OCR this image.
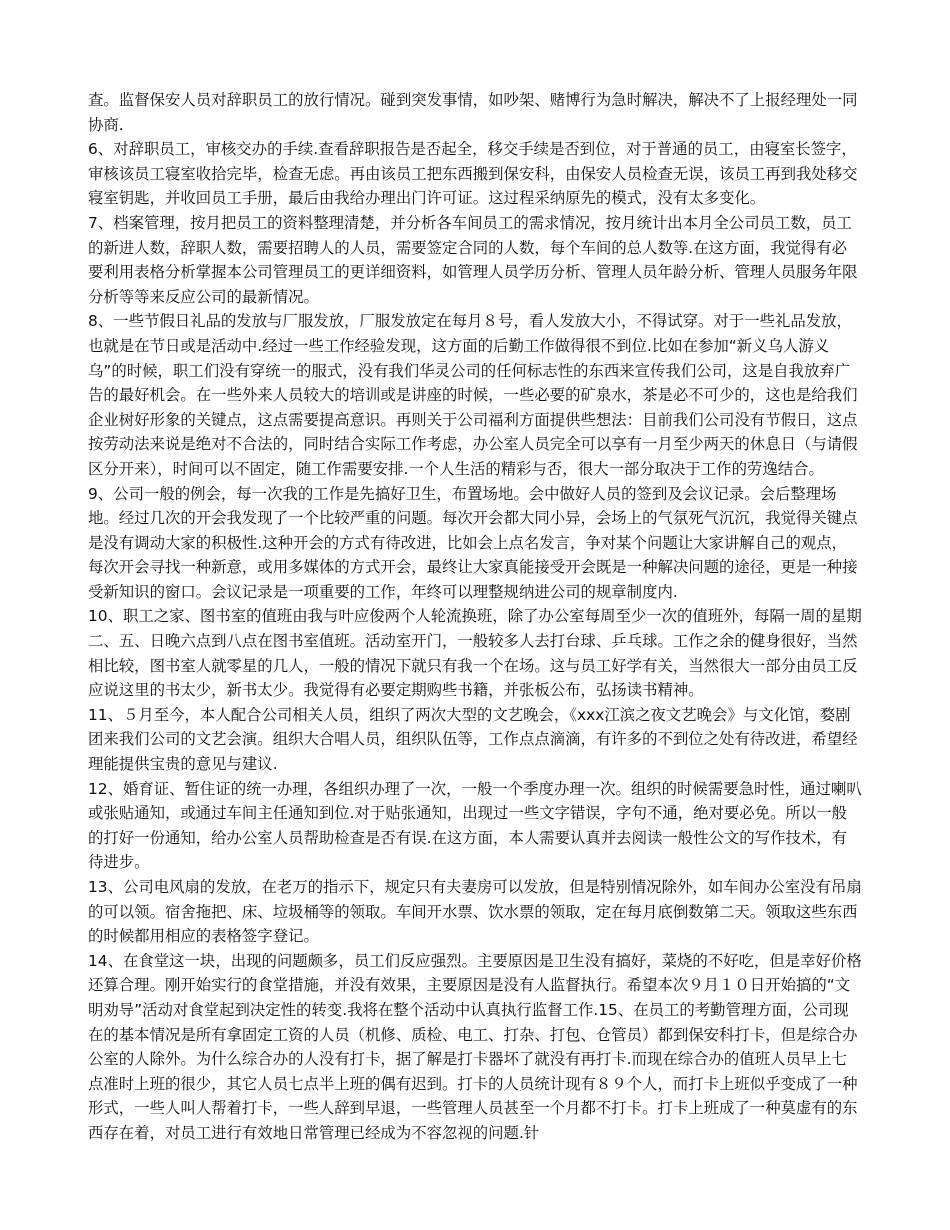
查。监督保安人员对辞职员工的放行情况。碰到突发事情，如吵架、赌博行为急时解决，解决不了上报经理处一同协商.

6、对辞职员工，审核交办的手续.查看辞职报告是否起全，移交手续是否到位，对于普通的员工，由寝室长签字，审核该员工寝室收拾完毕，检查无虑。再由该员工把东西搬到保安科，由保安人员检查无误，该员工再到我处移交寝室钥匙，并收回员工手册，最后由我给办理出门许可证。这过程采纳原先的模式，没有太多变化。

7、档案管理，按月把员工的资料整理清楚，并分析各车间员工的需求情况，按月统计出本月全公司员工数，员工的新进人数，辞职人数，需要招聘人的人员，需要签定合同的人数，每个车间的总人数等.在这方面，我觉得有必要利用表格分析掌握本公司管理员工的更详细资料，如管理人员学历分析、管理人员年龄分析、管理人员服务年限分析等等来反应公司的最新情况。

8、一些节假日礼品的发放与厂服发放，厂服发放定在每月８号，看人发放大小，不得试穿。对于一些礼品发放，也就是在节日或是活动中.经过一些工作经验发现，这方面的后勤工作做得很不到位.比如在参加“新义乌人游义乌”的时候，职工们没有穿统一的服式，没有我们华灵公司的任何标志性的东西来宣传我们公司，这是自我放弃广告的最好机会。在一些外来人员较大的培训或是讲座的时候，一些必要的矿泉水，茶是必不可少的，这也是给我们企业树好形象的关键点，这点需要提高意识。再则关于公司福利方面提供些想法：目前我们公司没有节假日，这点按劳动法来说是绝对不合法的，同时结合实际工作考虑，办公室人员完全可以享有一月至少两天的休息日（与请假区分开来），时间可以不固定，随工作需要安排.一个人生活的精彩与否，很大一部分取决于工作的劳逸结合。

9、公司一般的例会，每一次我的工作是先搞好卫生，布置场地。会中做好人员的签到及会议记录。会后整理场地。经过几次的开会我发现了一个比较严重的问题。每次开会都大同小异，会场上的气氛死气沉沉，我觉得关键点是没有调动大家的积极性.这种开会的方式有待改进，比如会上点名发言，争对某个问题让大家讲解自己的观点，每次开会寻找一种新意，或用多媒体的方式开会，最终让大家真能接受开会既是一种解决问题的途径，更是一种接受新知识的窗口。会议记录是一项重要的工作，年终可以理整规纳进公司的规章制度内.

10、职工之家、图书室的值班由我与叶应俊两个人轮流换班，除了办公室每周至少一次的值班外，每隔一周的星期二、五、日晚六点到八点在图书室值班。活动室开门，一般较多人去打台球、乒乓球。工作之余的健身很好，当然相比较，图书室人就零星的几人，一般的情况下就只有我一个在场。这与员工好学有关，当然很大一部分由员工反应说这里的书太少，新书太少。我觉得有必要定期购些书籍，并张板公布，弘扬读书精神。

11、５月至今，本人配合公司相关人员，组织了两次大型的文艺晚会，《xxx江滨之夜文艺晚会》与文化馆，婺剧团来我们公司的文艺会演。组织大合唱人员，组织队伍等，工作点点滴滴，有许多的不到位之处有待改进，希望经理能提供宝贵的意见与建议.

12、婚育证、暂住证的统一办理，各组织办理了一次，一般一个季度办理一次。组织的时候需要急时性，通过喇叭或张贴通知，或通过车间主任通知到位.对于贴张通知，出现过一些文字错误，字句不通，绝对要必免。所以一般的打好一份通知，给办公室人员帮助检查是否有误.在这方面，本人需要认真并去阅读一般性公文的写作技术，有待进步。

13、公司电风扇的发放，在老万的指示下，规定只有夫妻房可以发放，但是特别情况除外，如车间办公室没有吊扇的可以领。宿舍拖把、床、垃圾桶等的领取。车间开水票、饮水票的领取，定在每月底倒数第二天。领取这些东西的时候都用相应的表格签字登记。

14、在食堂这一块，出现的问题颇多，员工们反应强烈。主要原因是卫生没有搞好，菜烧的不好吃，但是幸好价格还算合理。刚开始实行的食堂措施，并没有效果，主要原因是没有人监督执行。希望本次９月１０日开始搞的“文明劝导”活动对食堂起到决定性的转变.我将在整个活动中认真执行监督工作.15、在员工的考勤管理方面，公司现在的基本情况是所有拿固定工资的人员（机修、质检、电工、打杂、打包、仓管员）都到保安科打卡，但是综合办公室的人除外。为什么综合办的人没有打卡，据了解是打卡器坏了就没有再打卡.而现在综合办的值班人员早上七点准时上班的很少，其它人员七点半上班的偶有迟到。打卡的人员统计现有８９个人，而打卡上班似乎变成了一种形式，一些人叫人帮着打卡，一些人辞到早退，一些管理人员甚至一个月都不打卡。打卡上班成了一种莫虚有的东西存在着，对员工进行有效地日常管理已经成为不容忽视的问题.针
